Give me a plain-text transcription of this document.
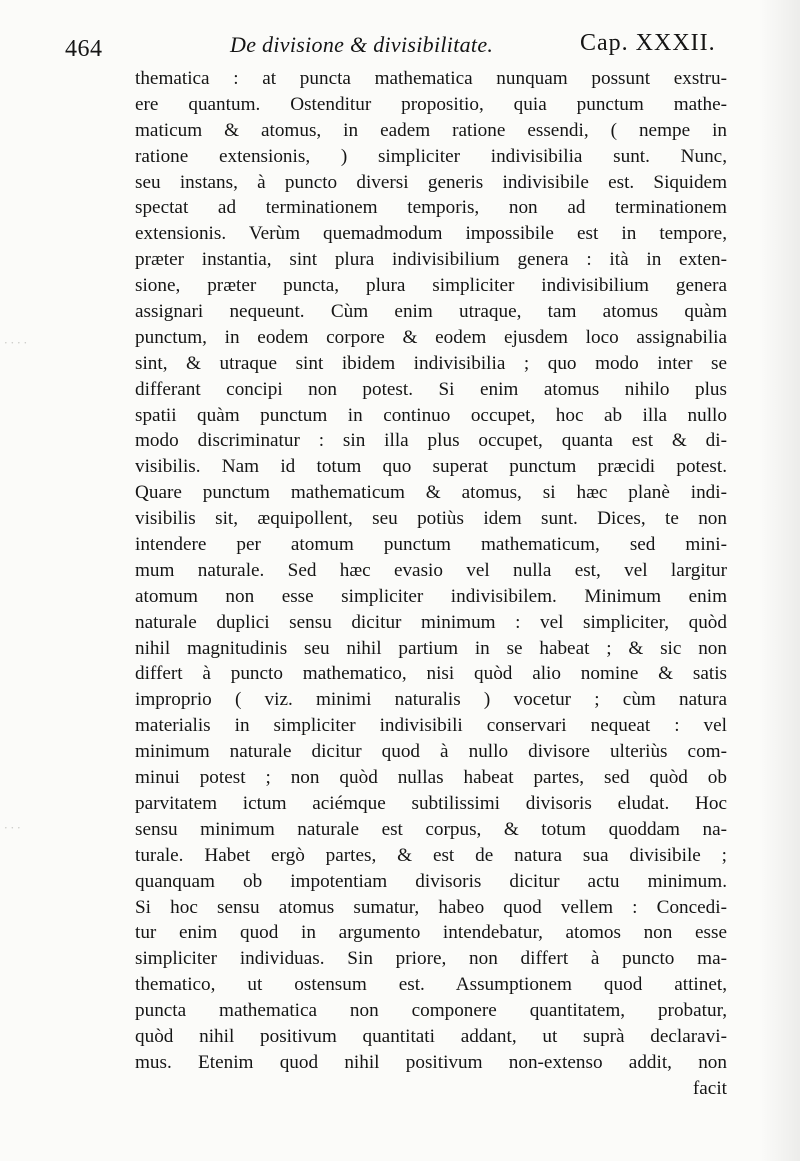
· · · ·
· · ·
464	De divisione & divisibilitate.	Cap. XXXII.
thematica : at puncta mathematica nunquam possunt exstru-
ere quantum. Ostenditur propositio, quia punctum mathe-
maticum & atomus, in eadem ratione essendi, ( nempe in
ratione extensionis, ) simpliciter indivisibilia sunt. Nunc,
seu instans, à puncto diversi generis indivisibile est. Siquidem
spectat ad terminationem temporis, non ad terminationem
extensionis. Verùm quemadmodum impossibile est in tempore,
præter instantia, sint plura indivisibilium genera : ità in exten-
sione, præter puncta, plura simpliciter indivisibilium genera
assignari nequeunt. Cùm enim utraque, tam atomus quàm
punctum, in eodem corpore & eodem ejusdem loco assignabilia
sint, & utraque sint ibidem indivisibilia ; quo modo inter se
differant concipi non potest. Si enim atomus nihilo plus
spatii quàm punctum in continuo occupet, hoc ab illa nullo
modo discriminatur : sin illa plus occupet, quanta est & di-
visibilis. Nam id totum quo superat punctum præcidi potest.
Quare punctum mathematicum & atomus, si hæc planè indi-
visibilis sit, æquipollent, seu potiùs idem sunt. Dices, te non
intendere per atomum punctum mathematicum, sed mini-
mum naturale. Sed hæc evasio vel nulla est, vel largitur
atomum non esse simpliciter indivisibilem. Minimum enim
naturale duplici sensu dicitur minimum : vel simpliciter, quòd
nihil magnitudinis seu nihil partium in se habeat ; & sic non
differt à puncto mathematico, nisi quòd alio nomine & satis
improprio ( viz. minimi naturalis ) vocetur ; cùm natura
materialis in simpliciter indivisibili conservari nequeat : vel
minimum naturale dicitur quod à nullo divisore ulteriùs com-
minui potest ; non quòd nullas habeat partes, sed quòd ob
parvitatem ictum aciémque subtilissimi divisoris eludat. Hoc
sensu minimum naturale est corpus, & totum quoddam na-
turale. Habet ergò partes, & est de natura sua divisibile ;
quanquam ob impotentiam divisoris dicitur actu minimum.
Si hoc sensu atomus sumatur, habeo quod vellem : Concedi-
tur enim quod in argumento intendebatur, atomos non esse
simpliciter individuas. Sin priore, non differt à puncto ma-
thematico, ut ostensum est. Assumptionem quod attinet,
puncta mathematica non componere quantitatem, probatur,
quòd nihil positivum quantitati addant, ut suprà declaravi-
mus. Etenim quod nihil positivum non-extenso addit, non
facit
